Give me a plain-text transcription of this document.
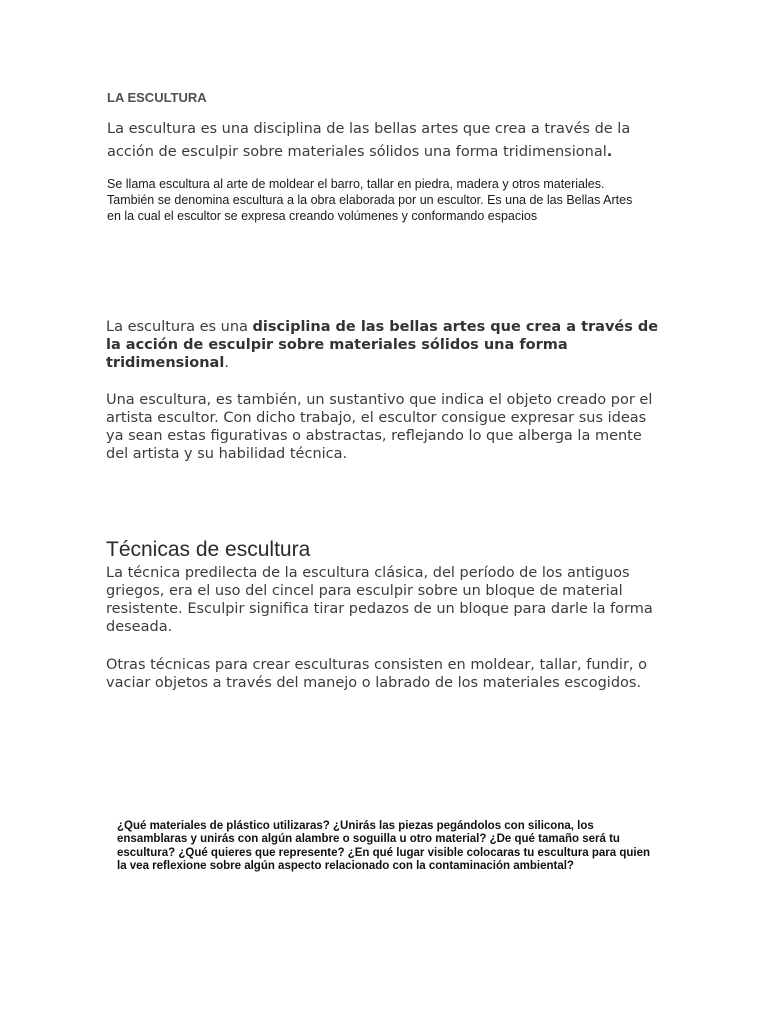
LA ESCULTURA

La escultura es una disciplina de las bellas artes que crea a través de la acción de esculpir sobre materiales sólidos una forma tridimensional.

Se llama escultura al arte de moldear el barro, tallar en piedra, madera y otros materiales. También se denomina escultura a la obra elaborada por un escultor. Es una de las Bellas Artes en la cual el escultor se expresa creando volúmenes y conformando espacios

La escultura es una disciplina de las bellas artes que crea a través de la acción de esculpir sobre materiales sólidos una forma tridimensional.

Una escultura, es también, un sustantivo que indica el objeto creado por el artista escultor. Con dicho trabajo, el escultor consigue expresar sus ideas ya sean estas figurativas o abstractas, reflejando lo que alberga la mente del artista y su habilidad técnica.

Técnicas de escultura

La técnica predilecta de la escultura clásica, del período de los antiguos griegos, era el uso del cincel para esculpir sobre un bloque de material resistente. Esculpir significa tirar pedazos de un bloque para darle la forma deseada.

Otras técnicas para crear esculturas consisten en moldear, tallar, fundir, o vaciar objetos a través del manejo o labrado de los materiales escogidos.

¿Qué materiales de plástico utilizaras? ¿Unirás las piezas pegándolos con silicona, los ensamblaras y unirás con algún alambre o soguilla u otro material? ¿De qué tamaño será tu escultura? ¿Qué quieres que represente? ¿En qué lugar visible colocaras tu escultura para quien la vea reflexione sobre algún aspecto relacionado con la contaminación ambiental?
